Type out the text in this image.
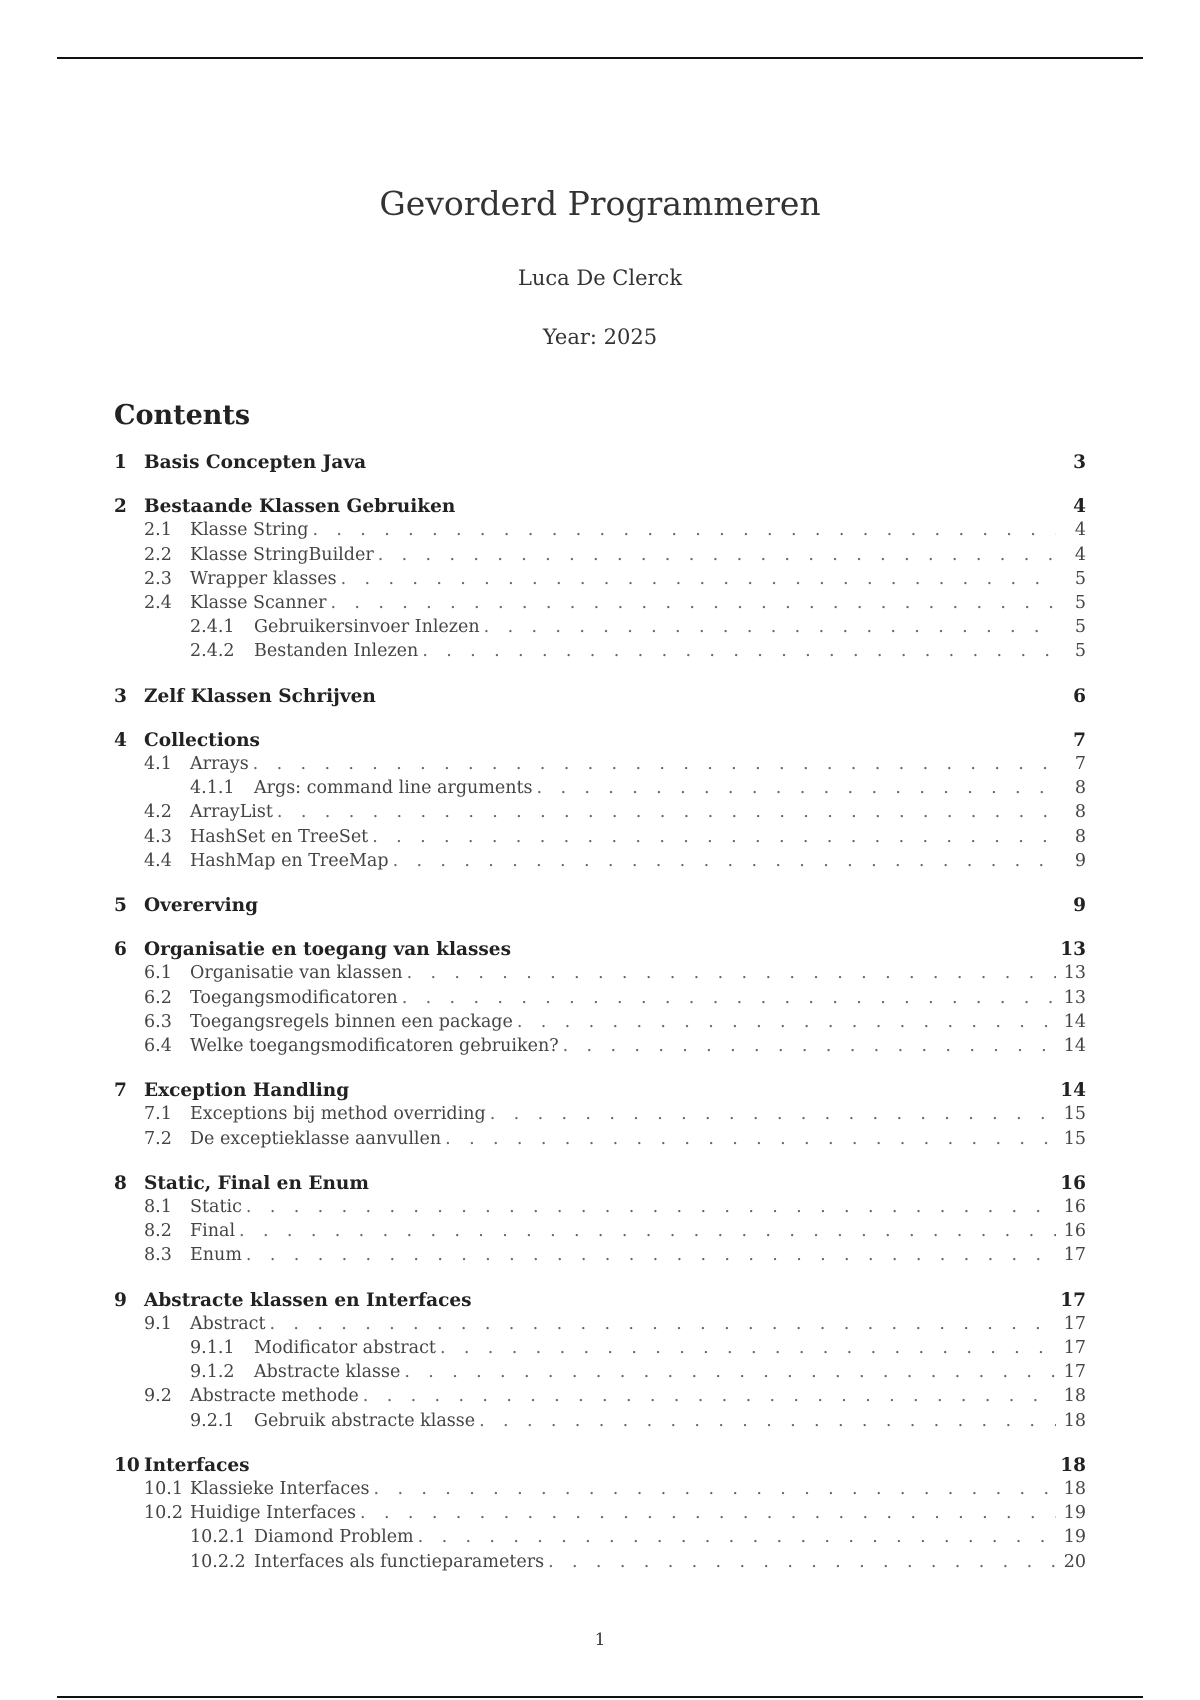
Gevorderd Programmeren
Luca De Clerck
Year: 2025
Contents
1 Basis Concepten Java	3
2 Bestaande Klassen Gebruiken	4
2.1	Klasse String . . .	4
2.2	Klasse StringBuilder . . .	4
2.3	Wrapper klasses . . .	5
2.4	Klasse Scanner . . .	5
2.4.1	Gebruikersinvoer Inlezen . . .	5
2.4.2	Bestanden Inlezen . . .	5
3 Zelf Klassen Schrijven	6
4 Collections	7
4.1	Arrays . . .	7
4.1.1	Args: command line arguments . . .	8
4.2	ArrayList . . .	8
4.3	HashSet en TreeSet . . .	8
4.4	HashMap en TreeMap . . .	9
5 Overerving	9
6 Organisatie en toegang van klasses	13
6.1	Organisatie van klassen . . .	13
6.2	Toegangsmodificatoren . . .	13
6.3	Toegangsregels binnen een package . . .	14
6.4	Welke toegangsmodificatoren gebruiken? . . .	14
7 Exception Handling	14
7.1	Exceptions bij method overriding . . .	15
7.2	De exceptieklasse aanvullen . . .	15
8 Static, Final en Enum	16
8.1	Static . . .	16
8.2	Final . . .	16
8.3	Enum . . .	17
9 Abstracte klassen en Interfaces	17
9.1	Abstract . . .	17
9.1.1	Modificator abstract . . .	17
9.1.2	Abstracte klasse . . .	17
9.2	Abstracte methode . . .	18
9.2.1	Gebruik abstracte klasse . . .	18
10 Interfaces	18
10.1 Klassieke Interfaces . . .	18
10.2 Huidige Interfaces . . .	19
10.2.1 Diamond Problem . . .	19
10.2.2 Interfaces als functieparameters . . .	20
1
